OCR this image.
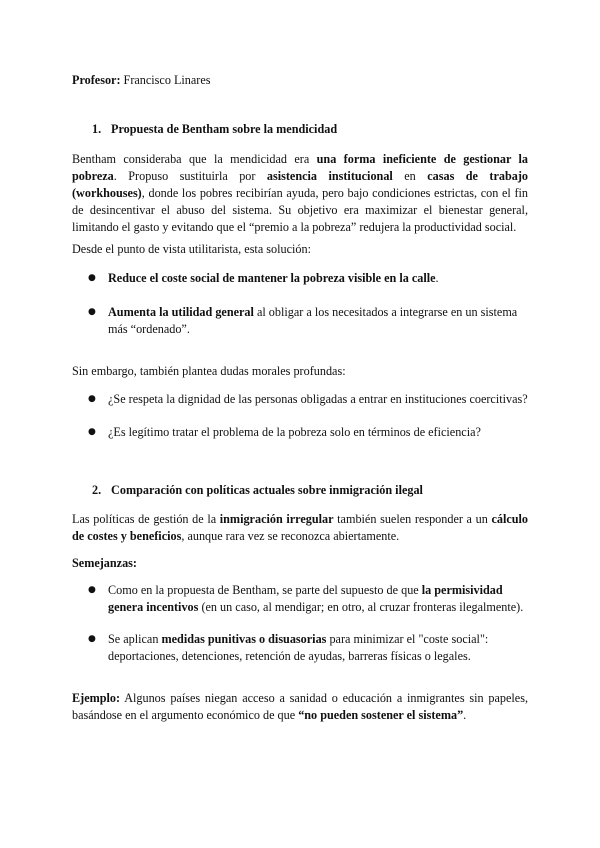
Profesor: Francisco Linares

1. Propuesta de Bentham sobre la mendicidad

Bentham consideraba que la mendicidad era una forma ineficiente de gestionar la pobreza. Propuso sustituirla por asistencia institucional en casas de trabajo (workhouses), donde los pobres recibirían ayuda, pero bajo condiciones estrictas, con el fin de desincentivar el abuso del sistema. Su objetivo era maximizar el bienestar general, limitando el gasto y evitando que el “premio a la pobreza” redujera la productividad social.

Desde el punto de vista utilitarista, esta solución:

● Reduce el coste social de mantener la pobreza visible en la calle.
● Aumenta la utilidad general al obligar a los necesitados a integrarse en un sistema más “ordenado”.

Sin embargo, también plantea dudas morales profundas:

● ¿Se respeta la dignidad de las personas obligadas a entrar en instituciones coercitivas?
● ¿Es legítimo tratar el problema de la pobreza solo en términos de eficiencia?

2. Comparación con políticas actuales sobre inmigración ilegal

Las políticas de gestión de la inmigración irregular también suelen responder a un cálculo de costes y beneficios, aunque rara vez se reconozca abiertamente.

Semejanzas:

● Como en la propuesta de Bentham, se parte del supuesto de que la permisividad genera incentivos (en un caso, al mendigar; en otro, al cruzar fronteras ilegalmente).
● Se aplican medidas punitivas o disuasorias para minimizar el "coste social": deportaciones, detenciones, retención de ayudas, barreras físicas o legales.

Ejemplo: Algunos países niegan acceso a sanidad o educación a inmigrantes sin papeles, basándose en el argumento económico de que “no pueden sostener el sistema”.
